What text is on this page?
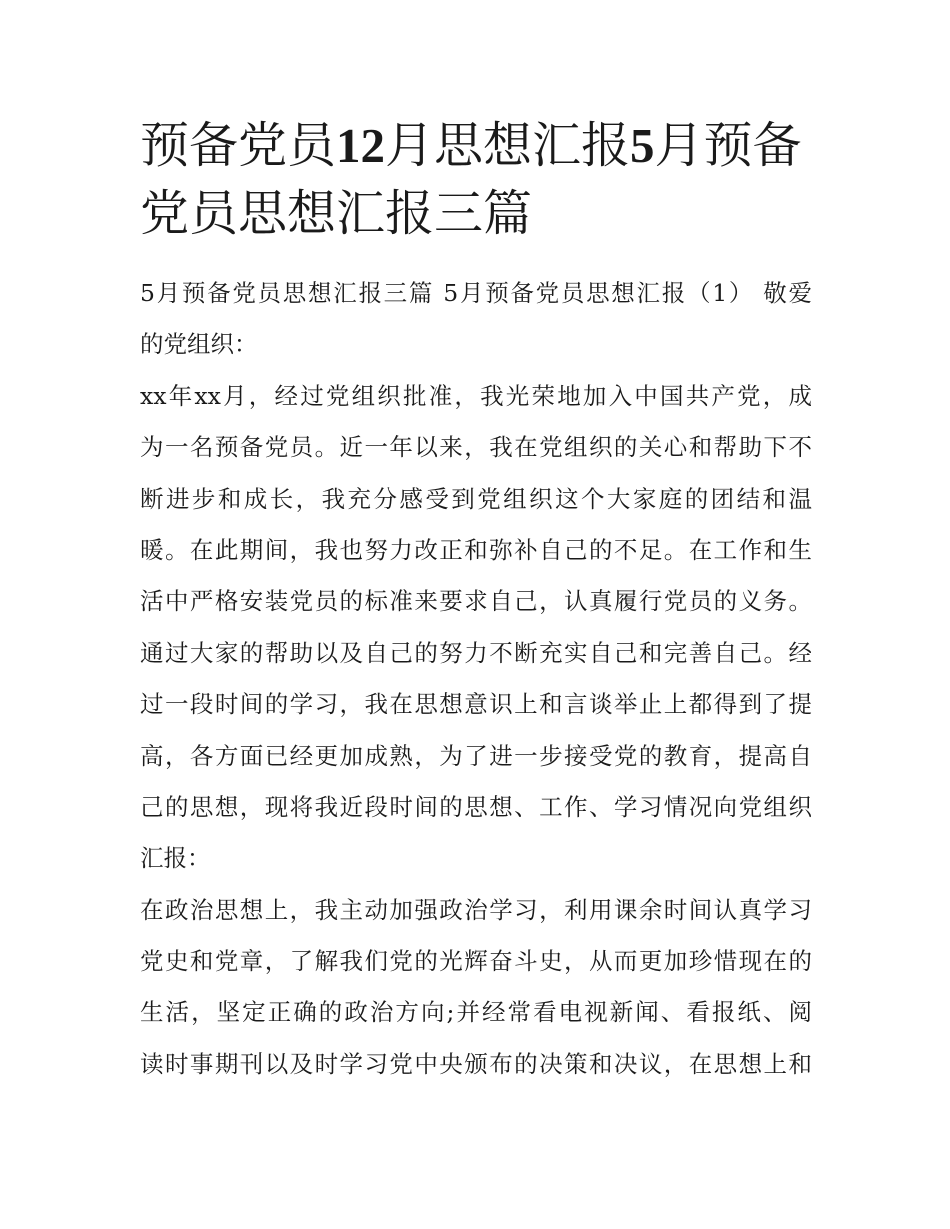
预备党员12月思想汇报5月预备党员思想汇报三篇
5月预备党员思想汇报三篇 5月预备党员思想汇报（1） 敬爱
的党组织：
xx年xx月，经过党组织批准，我光荣地加入中国共产党，成
为一名预备党员。近一年以来，我在党组织的关心和帮助下不
断进步和成长，我充分感受到党组织这个大家庭的团结和温
暖。在此期间，我也努力改正和弥补自己的不足。在工作和生
活中严格安装党员的标准来要求自己，认真履行党员的义务。
通过大家的帮助以及自己的努力不断充实自己和完善自己。经
过一段时间的学习，我在思想意识上和言谈举止上都得到了提
高，各方面已经更加成熟，为了进一步接受党的教育，提高自
己的思想，现将我近段时间的思想、工作、学习情况向党组织
汇报：
在政治思想上，我主动加强政治学习，利用课余时间认真学习
党史和党章，了解我们党的光辉奋斗史，从而更加珍惜现在的
生活，坚定正确的政治方向;并经常看电视新闻、看报纸、阅
读时事期刊以及时学习党中央颁布的决策和决议，在思想上和
